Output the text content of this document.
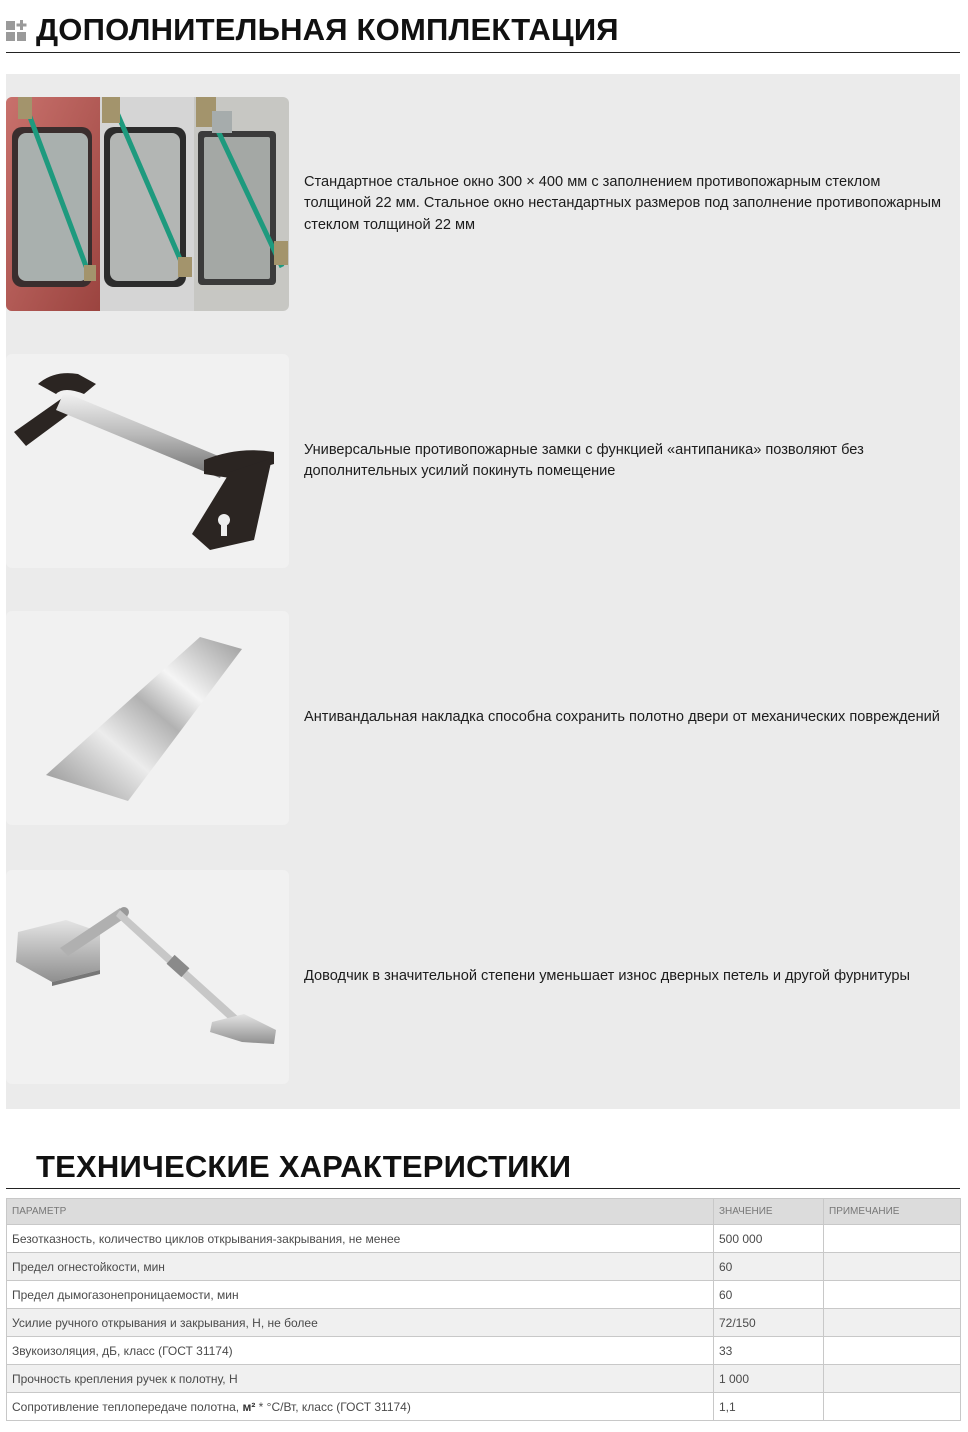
ДОПОЛНИТЕЛЬНАЯ КОМПЛЕКТАЦИЯ
Стандартное стальное окно 300 × 400 мм с заполнением противопожарным стеклом толщиной 22 мм. Стальное окно нестандартных размеров под заполнение противопожарным стеклом толщиной 22 мм
Универсальные противопожарные замки с функцией «антипаника» позволяют без дополнительных усилий покинуть помещение
Антивандальная накладка способна сохранить полотно двери от механических повреждений
Доводчик в значительной степени уменьшает износ дверных петель и другой фурнитуры
ТЕХНИЧЕСКИЕ ХАРАКТЕРИСТИКИ
ПАРАМЕТР	ЗНАЧЕНИЕ	ПРИМЕЧАНИЕ
Безотказность, количество циклов открывания-закрывания, не менее	500 000	
Предел огнестойкости, мин	60	
Предел дымогазонепроницаемости, мин	60	
Усилие ручного открывания и закрывания, Н, не более	72/150	
Звукоизоляция, дБ, класс (ГОСТ 31174)	33	
Прочность крепления ручек к полотну, Н	1 000	
Сопротивление теплопередаче полотна, м² * °С/Вт, класс (ГОСТ 31174)	1,1	
